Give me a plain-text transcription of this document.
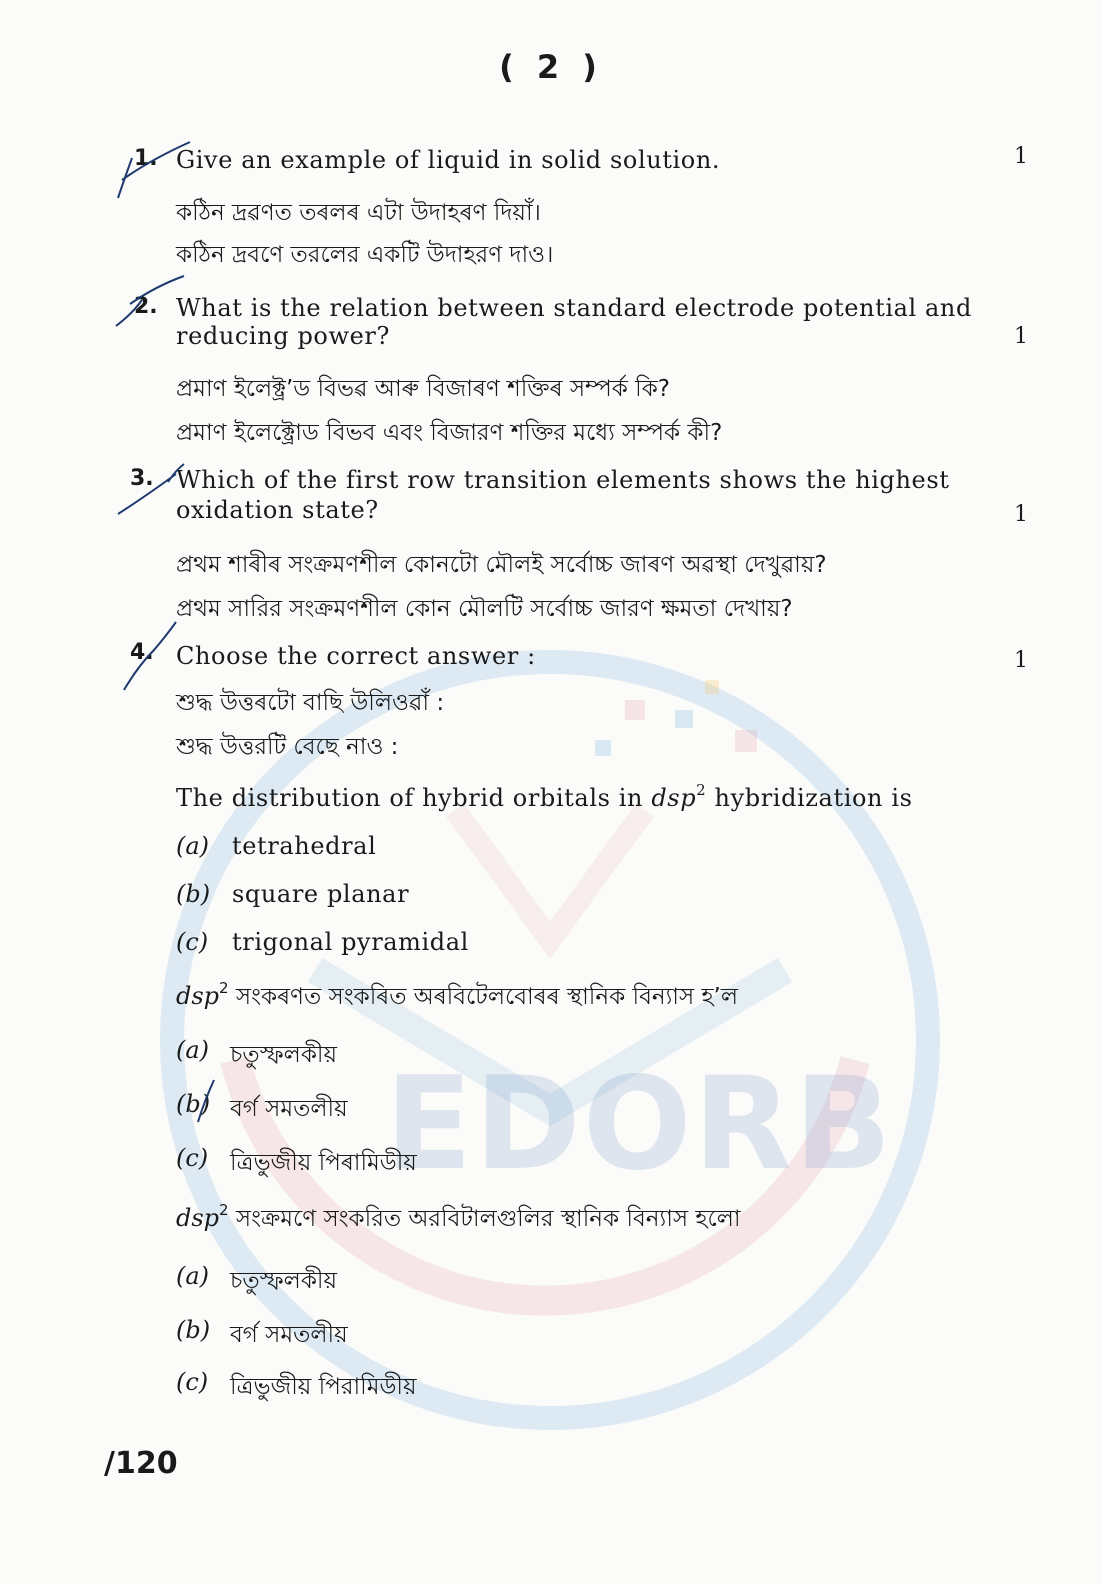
EDORB
( 2 )
1. Give an example of liquid in solid solution.	1
কঠিন দ্ৰৱণত তৰলৰ এটা উদাহৰণ দিয়াঁ।
কঠিন দ্রবণে তরলের একটি উদাহরণ দাও।
2. What is the relation between standard electrode potential and
reducing power?	1
প্ৰমাণ ইলেক্ট্ৰ’ড বিভৱ আৰু বিজাৰণ শক্তিৰ সম্পৰ্ক কি?
প্রমাণ ইলেক্ট্রোড বিভব এবং বিজারণ শক্তির মধ্যে সম্পর্ক কী?
3. Which of the first row transition elements shows the highest
oxidation state?	1
প্ৰথম শাৰীৰ সংক্ৰমণশীল কোনটো মৌলই সৰ্বোচ্চ জাৰণ অৱস্থা দেখুৱায়?
প্রথম সারির সংক্রমণশীল কোন মৌলটি সর্বোচ্চ জারণ ক্ষমতা দেখায়?
4. Choose the correct answer :	1
শুদ্ধ উত্তৰটো বাছি উলিওৱাঁ :
শুদ্ধ উত্তরটি বেছে নাও :
The distribution of hybrid orbitals in dsp$^2$ hybridization is
(a) tetrahedral
(b) square planar
(c) trigonal pyramidal
dsp$^2$ সংকৰণত সংকৰিত অৰবিটেলবোৰৰ স্থানিক বিন্যাস হ’ল
(a) চতুস্ফলকীয়
(b) বৰ্গ সমতলীয়
(c) ত্ৰিভুজীয় পিৰামিডীয়
dsp$^2$ সংক্রমণে সংকরিত অরবিটালগুলির স্থানিক বিন্যাস হলো
(a) চতুস্ফলকীয়
(b) বর্গ সমতলীয়
(c) ত্রিভুজীয় পিরামিডীয়
/120
